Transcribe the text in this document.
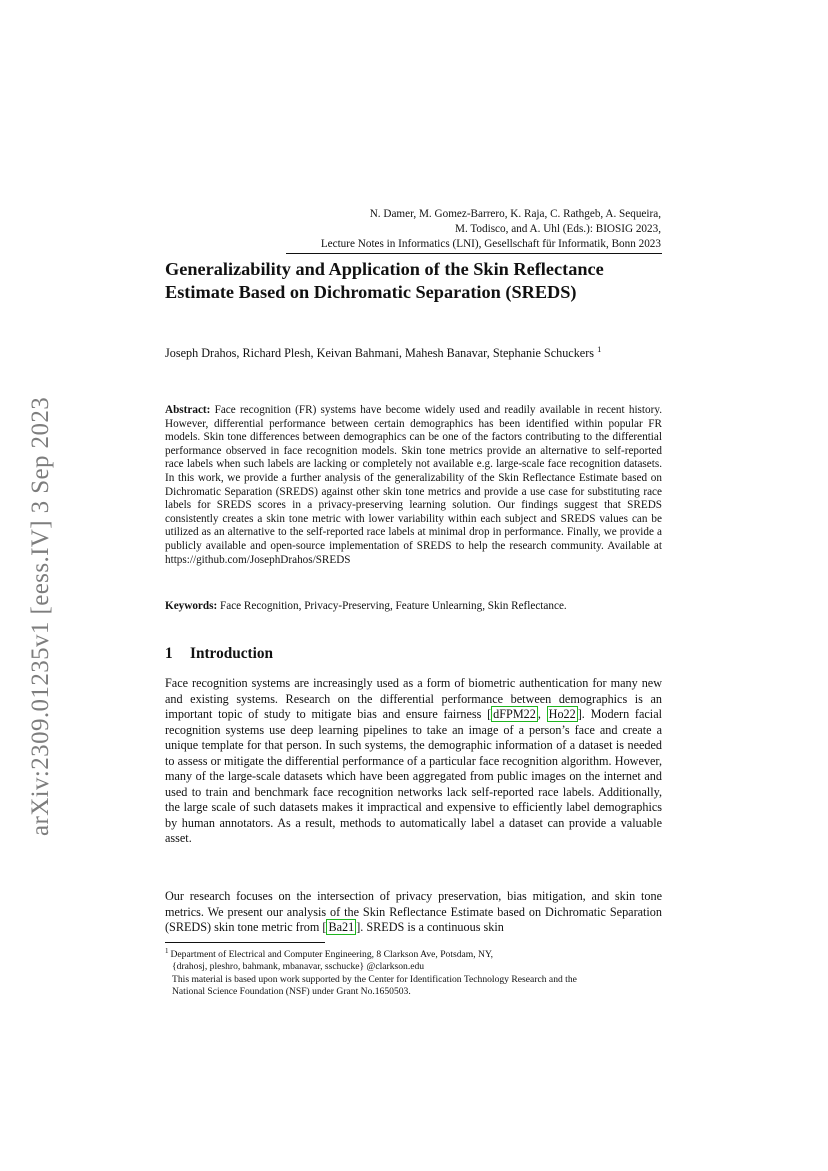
arXiv:2309.01235v1 [eess.IV] 3 Sep 2023
N. Damer, M. Gomez-Barrero, K. Raja, C. Rathgeb, A. Sequeira,
M. Todisco, and A. Uhl (Eds.): BIOSIG 2023,
Lecture Notes in Informatics (LNI), Gesellschaft für Informatik, Bonn 2023
Generalizability and Application of the Skin Reflectance Estimate Based on Dichromatic Separation (SREDS)

Joseph Drahos, Richard Plesh, Keivan Bahmani, Mahesh Banavar, Stephanie Schuckers $^1$

Abstract: Face recognition (FR) systems have become widely used and readily available in recent history. However, differential performance between certain demographics has been identified within popular FR models. Skin tone differences between demographics can be one of the factors contributing to the differential performance observed in face recognition models. Skin tone metrics provide an alternative to self-reported race labels when such labels are lacking or completely not available e.g. large-scale face recognition datasets. In this work, we provide a further analysis of the generalizability of the Skin Reflectance Estimate based on Dichromatic Separation (SREDS) against other skin tone metrics and provide a use case for substituting race labels for SREDS scores in a privacy-preserving learning solution. Our findings suggest that SREDS consistently creates a skin tone metric with lower variability within each subject and SREDS values can be utilized as an alternative to the self-reported race labels at minimal drop in performance. Finally, we provide a publicly available and open-source implementation of SREDS to help the research community. Available at https://github.com/JosephDrahos/SREDS

Keywords: Face Recognition, Privacy-Preserving, Feature Unlearning, Skin Reflectance.

1 Introduction

Face recognition systems are increasingly used as a form of biometric authentication for many new and existing systems. Research on the differential performance between demographics is an important topic of study to mitigate bias and ensure fairness [ dFPM22 , Ho22 ]. Modern facial recognition systems use deep learning pipelines to take an image of a person’s face and create a unique template for that person. In such systems, the demographic information of a dataset is needed to assess or mitigate the differential performance of a particular face recognition algorithm. However, many of the large-scale datasets which have been aggregated from public images on the internet and used to train and benchmark face recognition networks lack self-reported race labels. Additionally, the large scale of such datasets makes it impractical and expensive to efficiently label demographics by human annotators. As a result, methods to automatically label a dataset can provide a valuable asset.

Our research focuses on the intersection of privacy preservation, bias mitigation, and skin tone metrics. We present our analysis of the Skin Reflectance Estimate based on Dichromatic Separation (SREDS) skin tone metric from [ Ba21 ]. SREDS is a continuous skin

$^1$ Department of Electrical and Computer Engineering, 8 Clarkson Ave, Potsdam, NY,
{drahosj, pleshro, bahmank, mbanavar, sschucke} @clarkson.edu
This material is based upon work supported by the Center for Identification Technology Research and the
National Science Foundation (NSF) under Grant No.1650503.
